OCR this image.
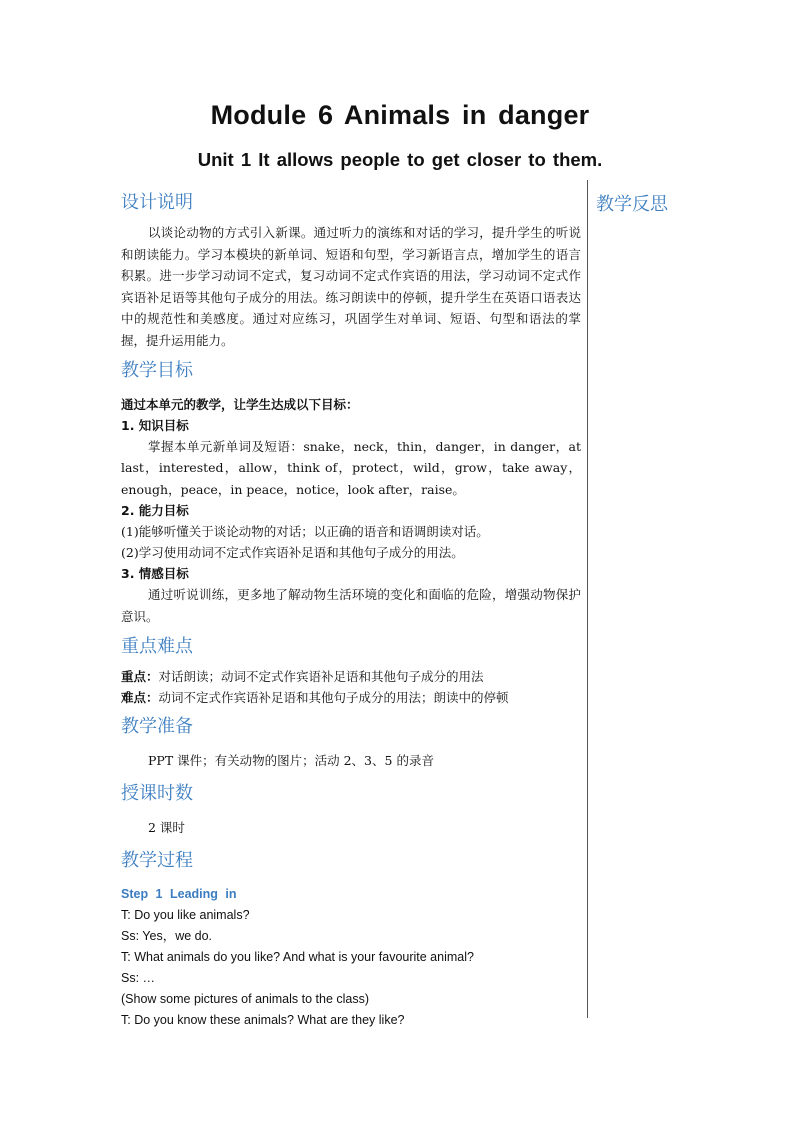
Module 6 Animals in danger
Unit 1 It allows people to get closer to them.
教学反思

设计说明

以谈论动物的方式引入新课。通过听力的演练和对话的学习，提升学生的听说和朗读能力。学习本模块的新单词、短语和句型，学习新语言点，增加学生的语言积累。进一步学习动词不定式，复习动词不定式作宾语的用法，学习动词不定式作宾语补足语等其他句子成分的用法。练习朗读中的停顿，提升学生在英语口语表达中的规范性和美感度。通过对应练习，巩固学生对单词、短语、句型和语法的掌握，提升运用能力。

教学目标

通过本单元的教学，让学生达成以下目标：

1. 知识目标

掌握本单元新单词及短语：snake，neck，thin，danger，in danger，at last，interested，allow，think of，protect，wild，grow，take away，enough，peace，in peace，notice，look after，raise。

2. 能力目标

(1)能够听懂关于谈论动物的对话；以正确的语音和语调朗读对话。

(2)学习使用动词不定式作宾语补足语和其他句子成分的用法。

3. 情感目标

通过听说训练，更多地了解动物生活环境的变化和面临的危险，增强动物保护意识。

重点难点

重点：对话朗读；动词不定式作宾语补足语和其他句子成分的用法

难点：动词不定式作宾语补足语和其他句子成分的用法；朗读中的停顿

教学准备

PPT 课件；有关动物的图片；活动 2、3、5 的录音

授课时数

2 课时

教学过程

Step 1 Leading in

T: Do you like animals?

Ss: Yes，we do.

T: What animals do you like? And what is your favourite animal?

Ss: …

(Show some pictures of animals to the class)

T: Do you know these animals? What are they like?
